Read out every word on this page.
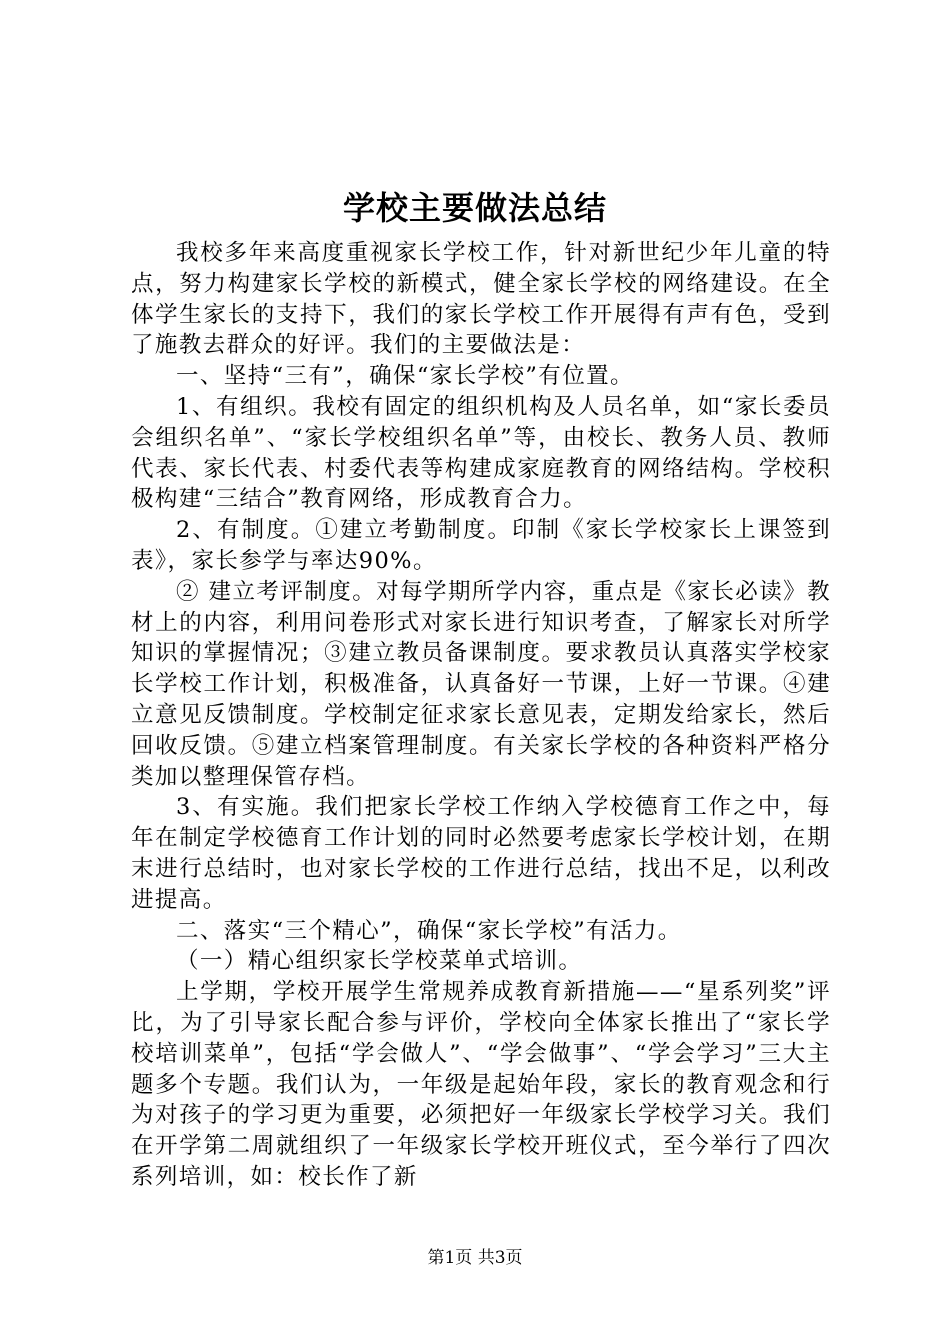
学校主要做法总结

我校多年来高度重视家长学校工作，针对新世纪少年儿童的特点，努力构建家长学校的新模式，健全家长学校的网络建设。在全体学生家长的支持下，我们的家长学校工作开展得有声有色，受到了施教去群众的好评。我们的主要做法是：

一、坚持“三有”，确保“家长学校”有位置。

1、有组织。我校有固定的组织机构及人员名单，如“家长委员会组织名单”、“家长学校组织名单”等，由校长、教务人员、教师代表、家长代表、村委代表等构建成家庭教育的网络结构。学校积极构建“三结合”教育网络，形成教育合力。

2、有制度。①建立考勤制度。印制《家长学校家长上课签到表》，家长参学与率达90%。

② 建立考评制度。对每学期所学内容，重点是《家长必读》教材上的内容，利用问卷形式对家长进行知识考查，了解家长对所学知识的掌握情况；③建立教员备课制度。要求教员认真落实学校家长学校工作计划，积极准备，认真备好一节课，上好一节课。④建立意见反馈制度。学校制定征求家长意见表，定期发给家长，然后回收反馈。⑤建立档案管理制度。有关家长学校的各种资料严格分类加以整理保管存档。

3、有实施。我们把家长学校工作纳入学校德育工作之中，每年在制定学校德育工作计划的同时必然要考虑家长学校计划，在期末进行总结时，也对家长学校的工作进行总结，找出不足，以利改进提高。

二、落实“三个精心”，确保“家长学校”有活力。

（一）精心组织家长学校菜单式培训。

上学期，学校开展学生常规养成教育新措施——“星系列奖”评比，为了引导家长配合参与评价，学校向全体家长推出了“家长学校培训菜单”，包括“学会做人”、“学会做事”、“学会学习”三大主题多个专题。我们认为，一年级是起始年段，家长的教育观念和行为对孩子的学习更为重要，必须把好一年级家长学校学习关。我们在开学第二周就组织了一年级家长学校开班仪式，至今举行了四次系列培训，如：校长作了新

第1页 共3页
